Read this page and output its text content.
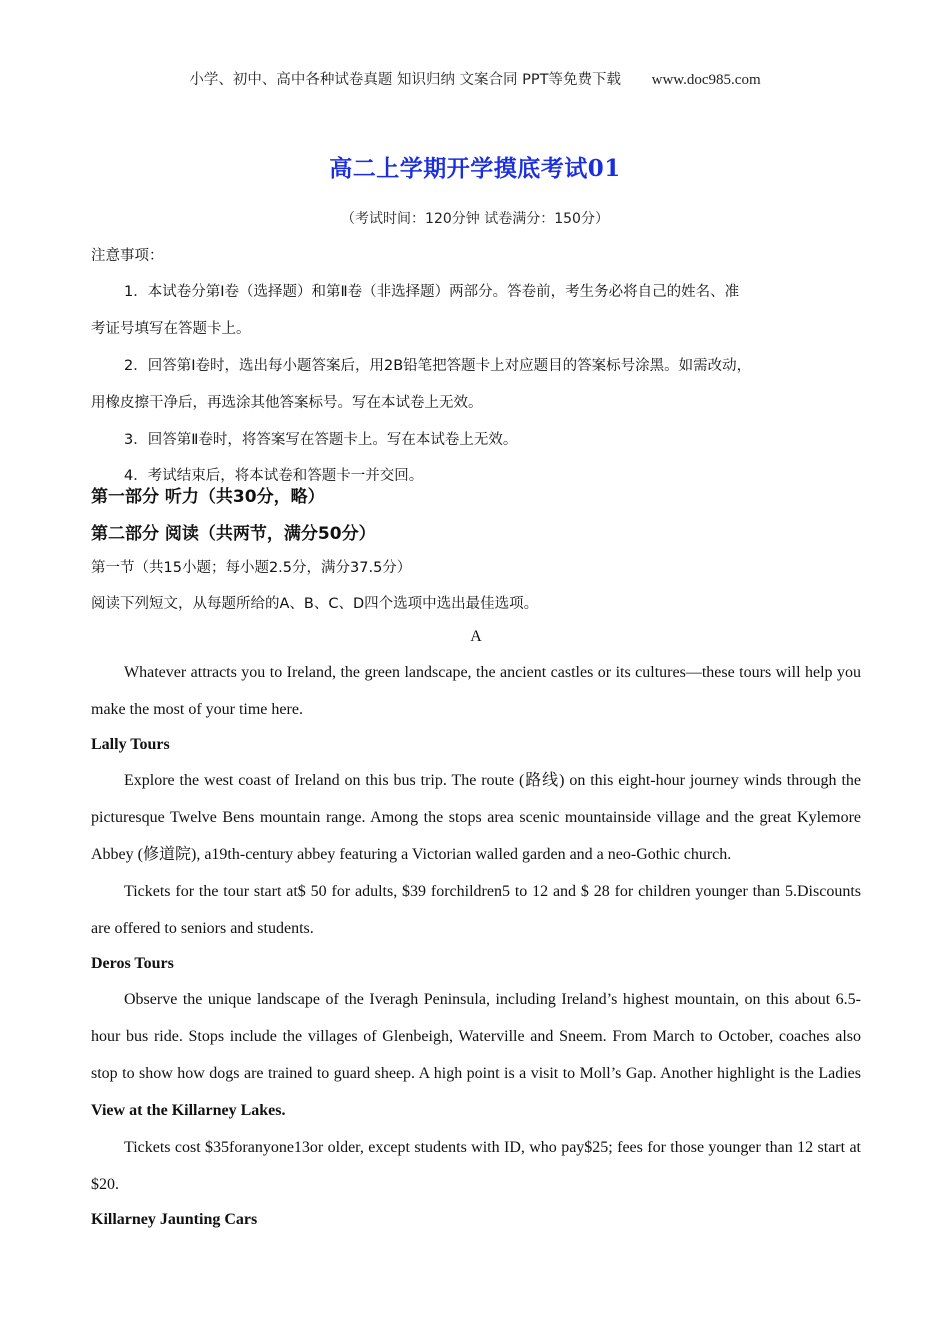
小学、初中、高中各种试卷真题 知识归纳 文案合同 PPT等免费下载 www.doc985.com
高二上学期开学摸底考试01
（考试时间：120分钟 试卷满分：150分）

注意事项：

1．本试卷分第Ⅰ卷（选择题）和第Ⅱ卷（非选择题）两部分。答卷前，考生务必将自己的姓名、准

考证号填写在答题卡上。

2．回答第Ⅰ卷时，选出每小题答案后，用2B铅笔把答题卡上对应题目的答案标号涂黑。如需改动，

用橡皮擦干净后，再选涂其他答案标号。写在本试卷上无效。

3．回答第Ⅱ卷时，将答案写在答题卡上。写在本试卷上无效。

4．考试结束后，将本试卷和答题卡一并交回。

第一部分 听力（共30分，略）
第二部分 阅读（共两节，满分50分）
第一节（共15小题；每小题2.5分，满分37.5分）
阅读下列短文，从每题所给的A、B、C、D四个选项中选出最佳选项。
A

Whatever attracts you to Ireland, the green landscape, the ancient castles or its cultures—these tours will help you make the most of your time here.

Lally Tours

Explore the west coast of Ireland on this bus trip. The route (路线) on this eight-hour journey winds through the picturesque Twelve Bens mountain range. Among the stops area scenic mountainside village and the great Kylemore Abbey (修道院), a19th-century abbey featuring a Victorian walled garden and a neo-Gothic church.

Tickets for the tour start at$ 50 for adults, $39 forchildren5 to 12 and $ 28 for children younger than 5.Discounts are offered to seniors and students.

Deros Tours

Observe the unique landscape of the Iveragh Peninsula, including Ireland’s highest mountain, on this about 6.5-hour bus ride. Stops include the villages of Glenbeigh, Waterville and Sneem. From March to October, coaches also stop to show how dogs are trained to guard sheep. A high point is a visit to Moll’s Gap. Another highlight is the Ladies View at the Killarney Lakes.

Tickets cost $35foranyone13or older, except students with ID, who pay$25; fees for those younger than 12 start at $20.

Killarney Jaunting Cars
